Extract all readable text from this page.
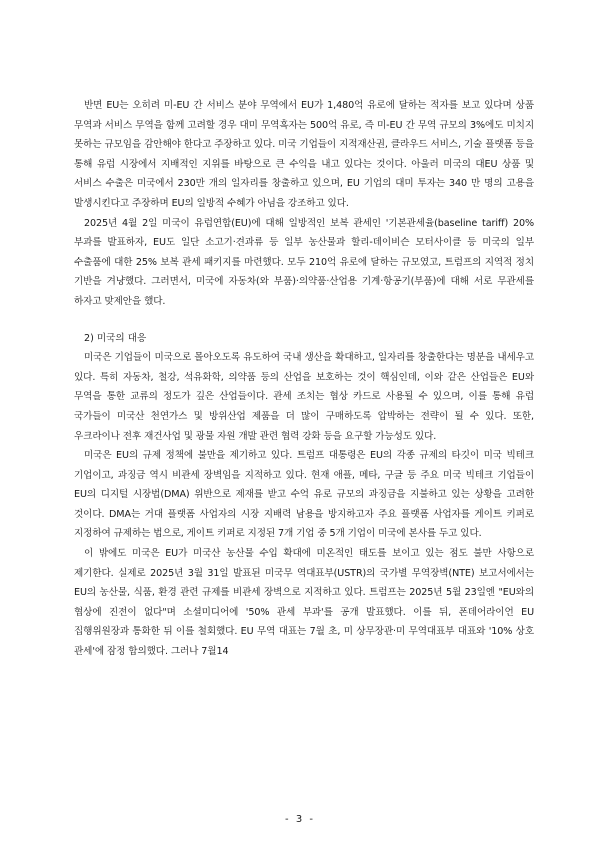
반면 EU는 오히려 미-EU 간 서비스 분야 무역에서 EU가 1,480억 유로에 달하는 적자를 보고 있다며 상품 무역과 서비스 무역을 함께 고려할 경우 대미 무역흑자는 500억 유로, 즉 미-EU 간 무역 규모의 3%에도 미치지 못하는 규모임을 감안해야 한다고 주장하고 있다. 미국 기업들이 지적재산권, 클라우드 서비스, 기술 플랫폼 등을 통해 유럽 시장에서 지배적인 지위를 바탕으로 큰 수익을 내고 있다는 것이다. 아울러 미국의 대EU 상품 및 서비스 수출은 미국에서 230만 개의 일자리를 창출하고 있으며, EU 기업의 대미 투자는 340 만 명의 고용을 발생시킨다고 주장하며 EU의 일방적 수혜가 아님을 강조하고 있다.

2025년 4월 2일 미국이 유럽연합(EU)에 대해 일방적인 보복 관세인 '기본관세율(baseline tariff) 20% 부과를 발표하자, EU도 일단 소고기·견과류 등 일부 농산물과 할리-데이비슨 모터사이클 등 미국의 일부 수출품에 대한 25% 보복 관세 패키지를 마련했다. 모두 210억 유로에 달하는 규모였고, 트럼프의 지역적 정치 기반을 겨냥했다. 그러면서, 미국에 자동차(와 부품)·의약품·산업용 기계·항공기(부품)에 대해 서로 무관세를 하자고 맞제안을 했다.

2) 미국의 대응

미국은 기업들이 미국으로 몰아오도록 유도하여 국내 생산을 확대하고, 일자리를 창출한다는 명분을 내세우고 있다. 특히 자동차, 철강, 석유화학, 의약품 등의 산업을 보호하는 것이 핵심인데, 이와 같은 산업들은 EU와 무역을 통한 교류의 정도가 깊은 산업들이다. 관세 조치는 협상 카드로 사용될 수 있으며, 이를 통해 유럽 국가들이 미국산 천연가스 및 방위산업 제품을 더 많이 구매하도록 압박하는 전략이 될 수 있다. 또한, 우크라이나 전후 재건사업 및 광물 자원 개발 관련 협력 강화 등을 요구할 가능성도 있다.

미국은 EU의 규제 정책에 불만을 제기하고 있다. 트럼프 대통령은 EU의 각종 규제의 타깃이 미국 빅테크 기업이고, 과징금 역시 비관세 장벽임을 지적하고 있다. 현재 애플, 메타, 구글 등 주요 미국 빅테크 기업들이 EU의 디지털 시장법(DMA) 위반으로 제재를 받고 수억 유로 규모의 과징금을 지불하고 있는 상황을 고려한 것이다. DMA는 거대 플랫폼 사업자의 시장 지배력 남용을 방지하고자 주요 플랫폼 사업자를 게이트 키퍼로 지정하여 규제하는 법으로, 게이트 키퍼로 지정된 7개 기업 중 5개 기업이 미국에 본사를 두고 있다.

이 밖에도 미국은 EU가 미국산 농산물 수입 확대에 미온적인 태도를 보이고 있는 점도 불만 사항으로 제기한다. 실제로 2025년 3월 31일 발표된 미국무 역대표부(USTR)의 국가별 무역장벽(NTE) 보고서에서는 EU의 농산물, 식품, 환경 관련 규제를 비관세 장벽으로 지적하고 있다. 트럼프는 2025년 5월 23일엔 "EU와의 협상에 진전이 없다"며 소셜미디어에 '50% 관세 부과'를 공개 발표했다. 이를 뒤, 폰데어라이언 EU 집행위원장과 통화한 뒤 이를 철회했다. EU 무역 대표는 7월 초, 미 상무장관·미 무역대표부 대표와 '10% 상호 관세'에 잠정 합의했다. 그러나 7월14

- 3 -
